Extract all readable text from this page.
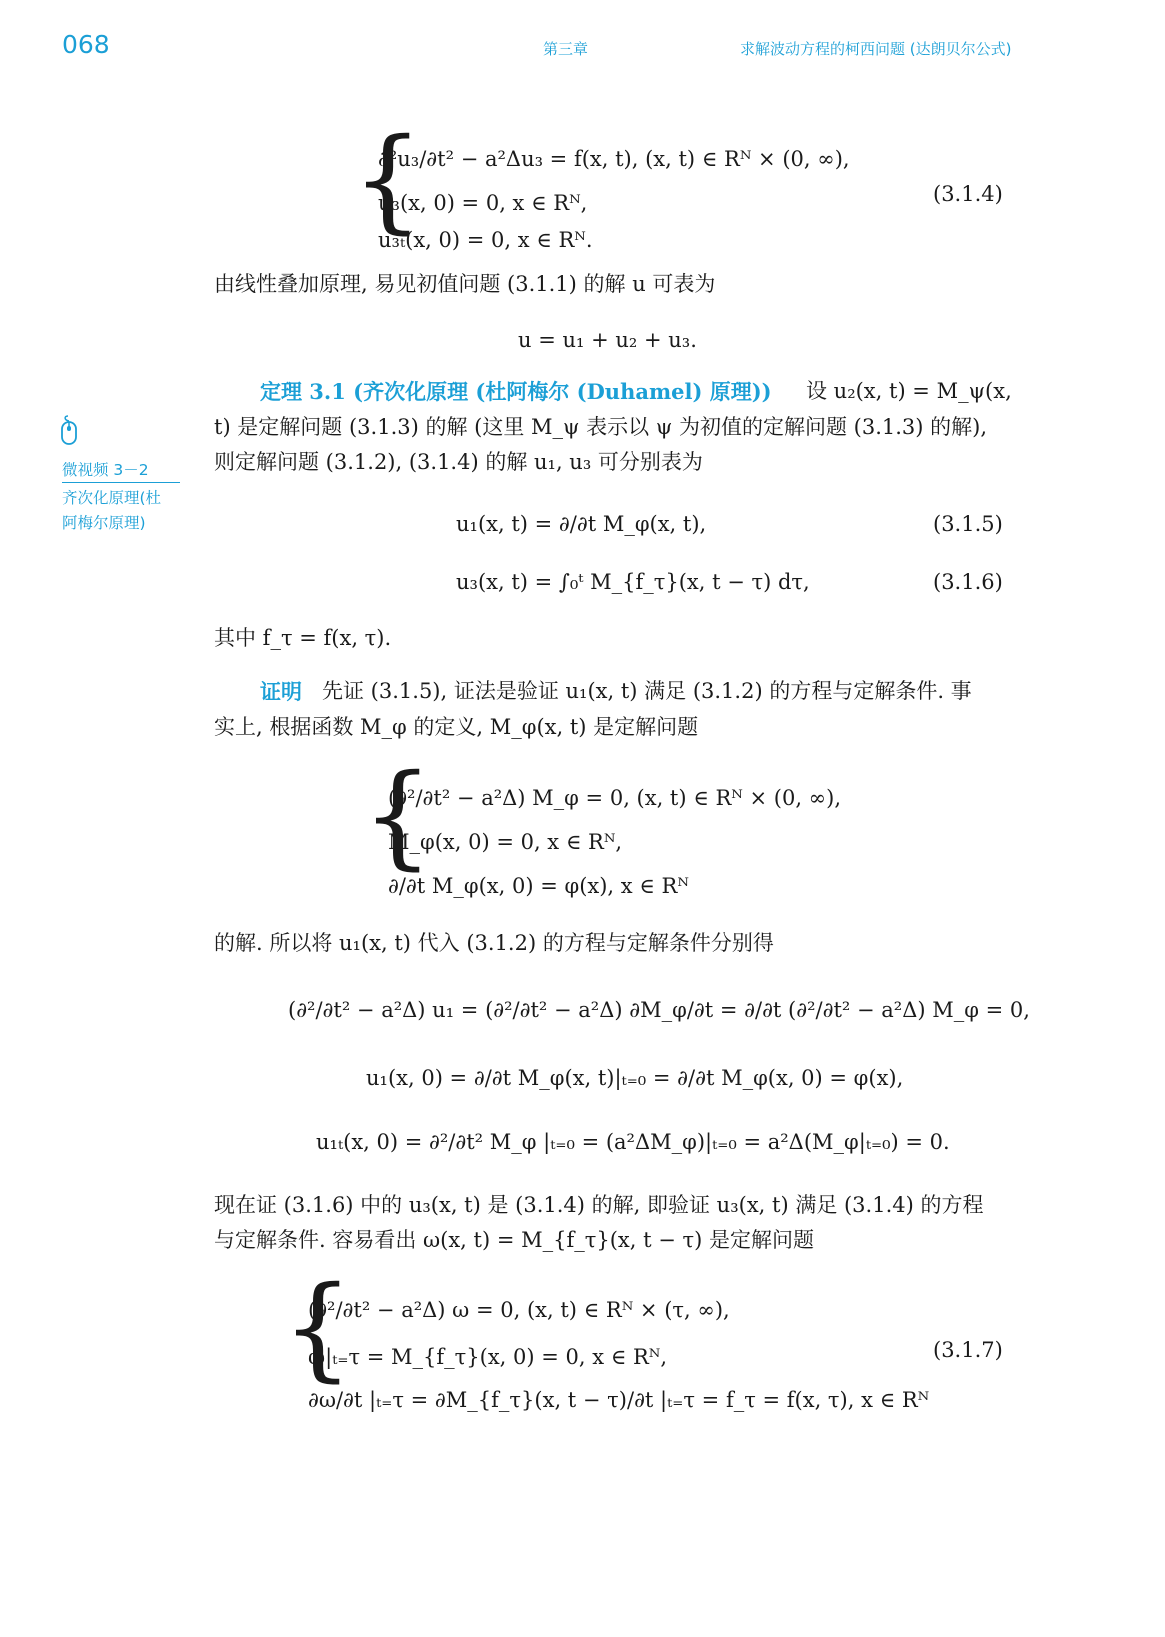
068	第三章	求解波动方程的柯西问题 (达朗贝尔公式)
{
∂²u₃/∂t² − a²Δu₃ = f(x, t), (x, t) ∈ Rᴺ × (0, ∞),
u₃(x, 0) = 0, x ∈ Rᴺ,
u₃ₜ(x, 0) = 0, x ∈ Rᴺ.
(3.1.4)
由线性叠加原理, 易见初值问题 (3.1.1) 的解 u 可表为
u = u₁ + u₂ + u₃.
定理 3.1 (齐次化原理 (杜阿梅尔 (Duhamel) 原理)) 设 u₂(x, t) = M_ψ(x,
t) 是定解问题 (3.1.3) 的解 (这里 M_ψ 表示以 ψ 为初值的定解问题 (3.1.3) 的解),
则定解问题 (3.1.2), (3.1.4) 的解 u₁, u₃ 可分别表为
微视频 3－2
齐次化原理(杜
阿梅尔原理)	u₁(x, t) = ∂/∂t M_φ(x, t),	(3.1.5)
u₃(x, t) = ∫₀ᵗ M_{f_τ}(x, t − τ) dτ,	(3.1.6)
其中 f_τ = f(x, τ).
证明 先证 (3.1.5), 证法是验证 u₁(x, t) 满足 (3.1.2) 的方程与定解条件. 事
实上, 根据函数 M_φ 的定义, M_φ(x, t) 是定解问题
{
(∂²/∂t² − a²Δ) M_φ = 0, (x, t) ∈ Rᴺ × (0, ∞),
M_φ(x, 0) = 0, x ∈ Rᴺ,
∂/∂t M_φ(x, 0) = φ(x), x ∈ Rᴺ
的解. 所以将 u₁(x, t) 代入 (3.1.2) 的方程与定解条件分别得
(∂²/∂t² − a²Δ) u₁ = (∂²/∂t² − a²Δ) ∂M_φ/∂t = ∂/∂t (∂²/∂t² − a²Δ) M_φ = 0,
u₁(x, 0) = ∂/∂t M_φ(x, t)|ₜ₌₀ = ∂/∂t M_φ(x, 0) = φ(x),
u₁ₜ(x, 0) = ∂²/∂t² M_φ |ₜ₌₀ = (a²ΔM_φ)|ₜ₌₀ = a²Δ(M_φ|ₜ₌₀) = 0.
现在证 (3.1.6) 中的 u₃(x, t) 是 (3.1.4) 的解, 即验证 u₃(x, t) 满足 (3.1.4) 的方程
与定解条件. 容易看出 ω(x, t) = M_{f_τ}(x, t − τ) 是定解问题
{
(∂²/∂t² − a²Δ) ω = 0, (x, t) ∈ Rᴺ × (τ, ∞),
ω|ₜ₌τ = M_{f_τ}(x, 0) = 0, x ∈ Rᴺ,
∂ω/∂t |ₜ₌τ = ∂M_{f_τ}(x, t − τ)/∂t |ₜ₌τ = f_τ = f(x, τ), x ∈ Rᴺ
(3.1.7)
